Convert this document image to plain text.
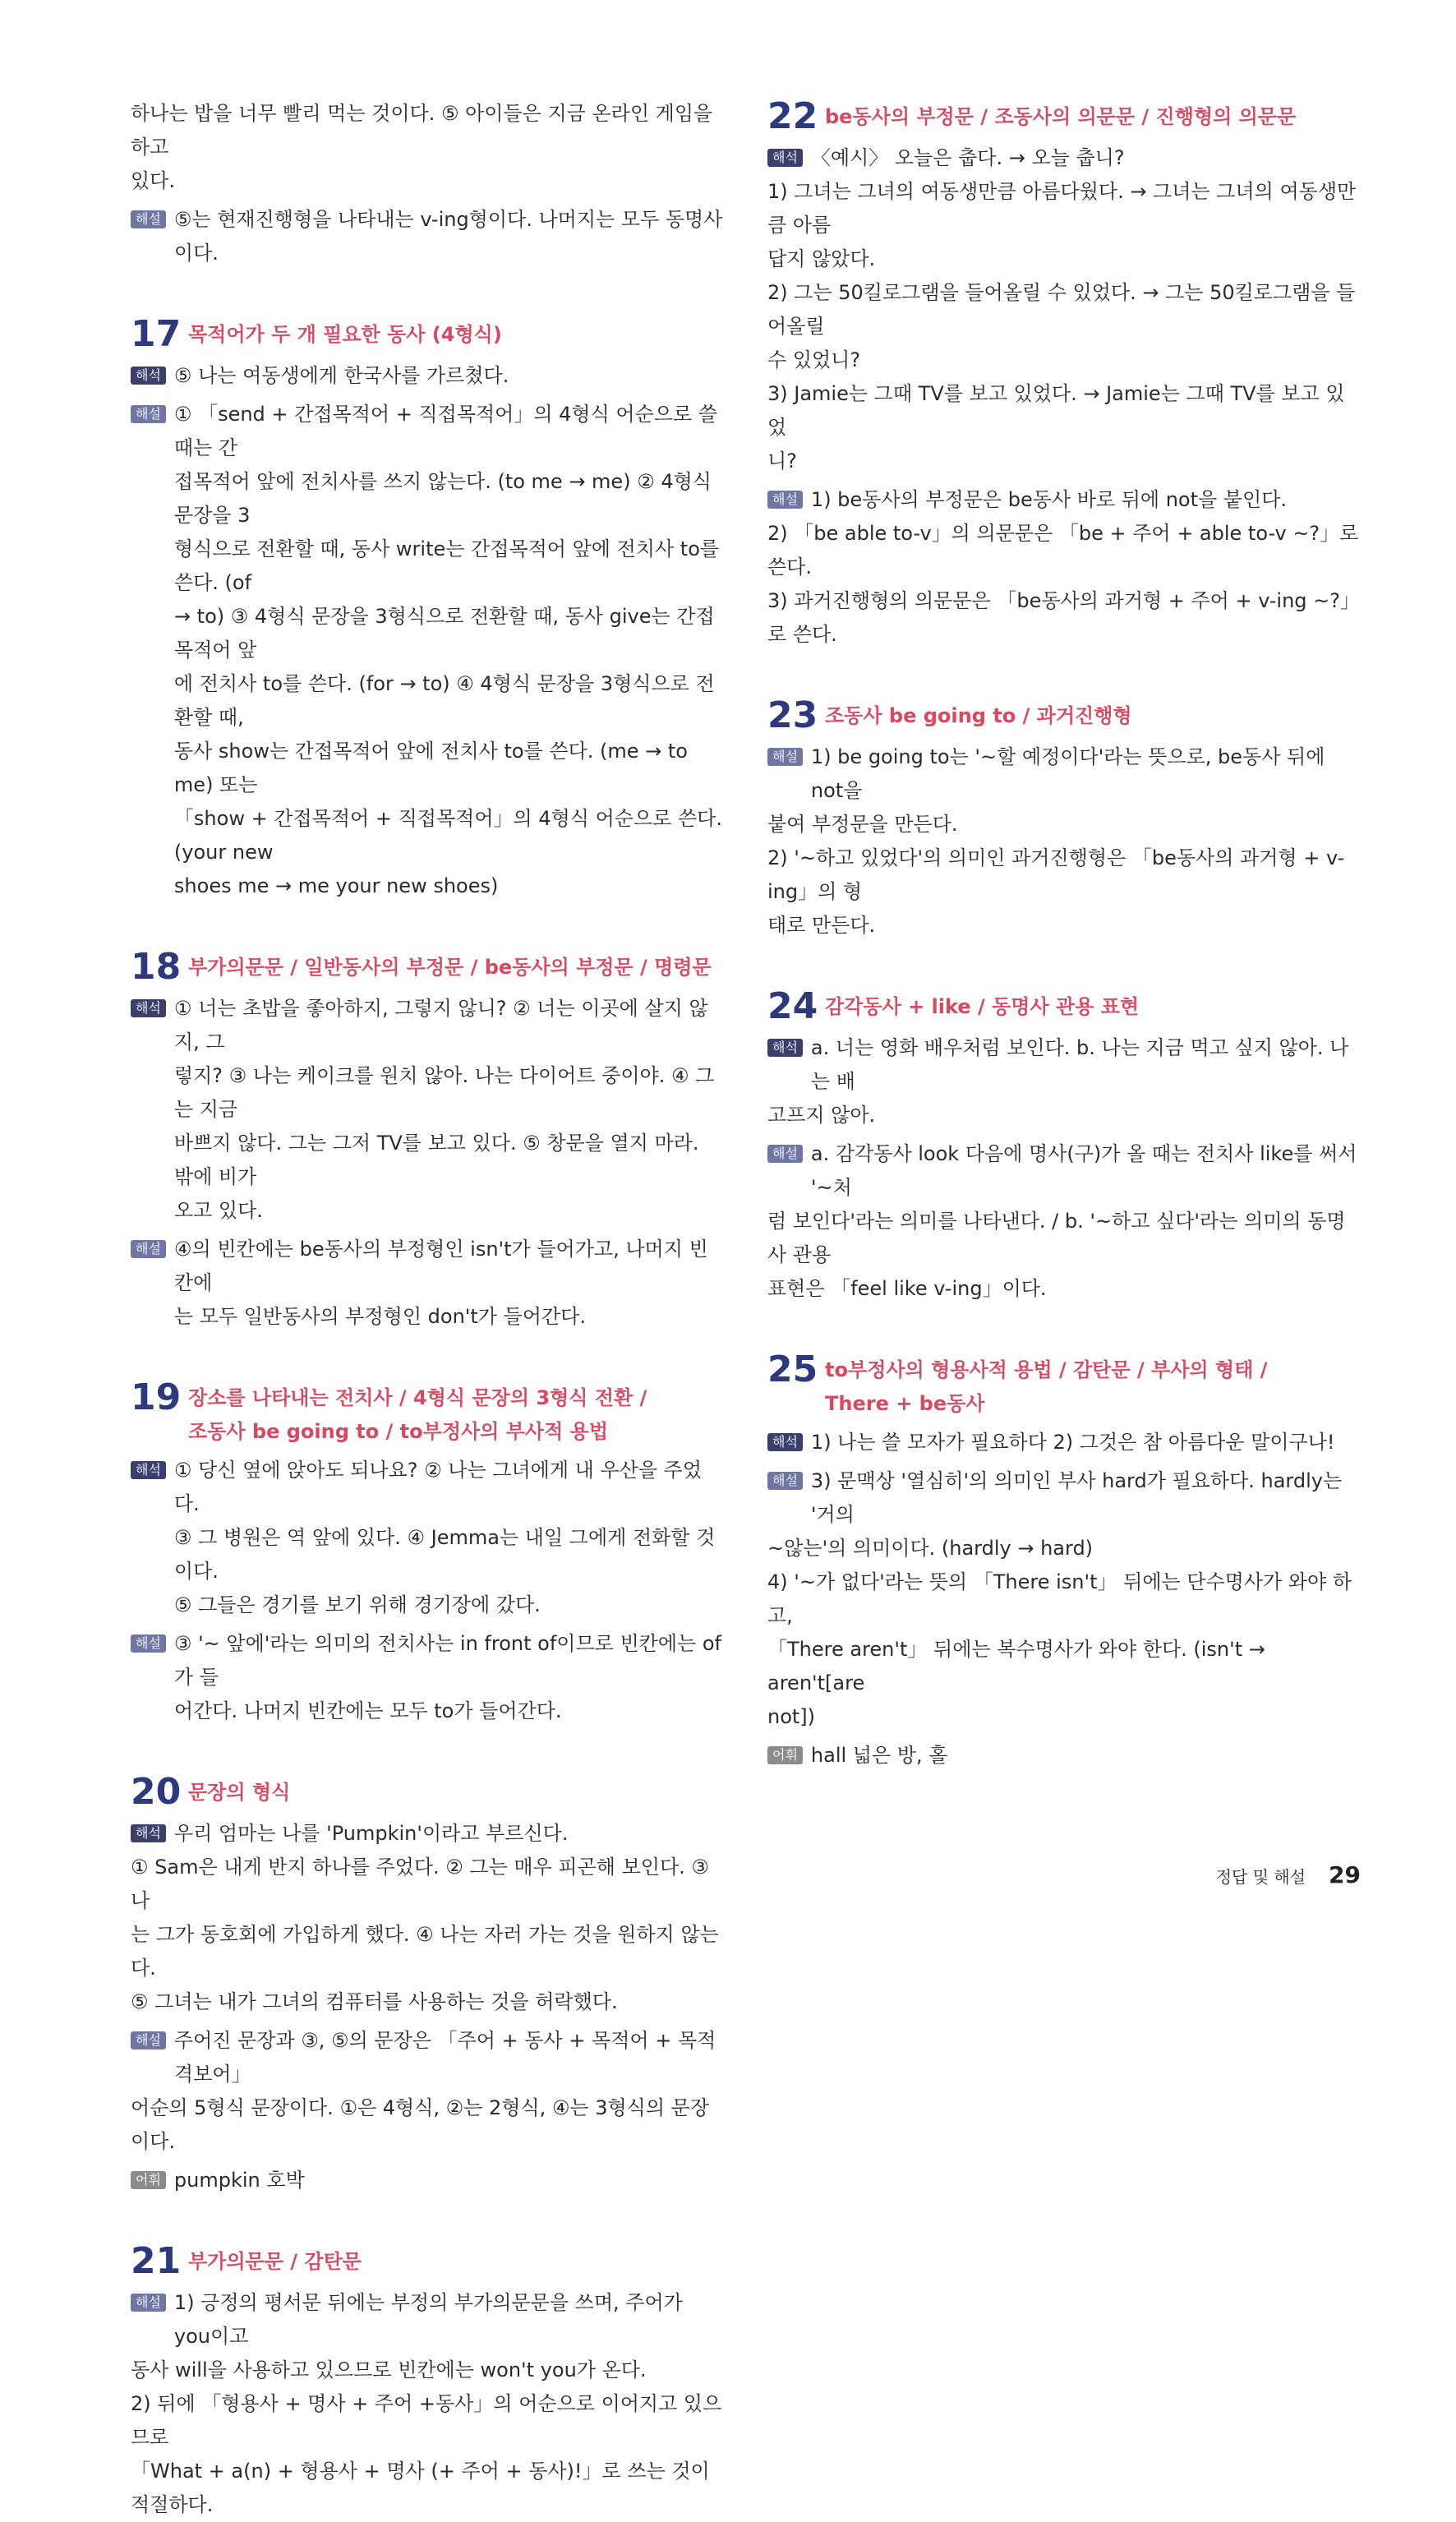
하나는 밥을 너무 빨리 먹는 것이다. ⑤ 아이들은 지금 온라인 게임을 하고

있다.

해설 ⑤는 현재진행형을 나타내는 v-ing형이다. 나머지는 모두 동명사이다.

17 목적어가 두 개 필요한 동사 (4형식)
해석 ⑤ 나는 여동생에게 한국사를 가르쳤다.

해설 ① 「send + 간접목적어 + 직접목적어」의 4형식 어순으로 쓸 때는 간

접목적어 앞에 전치사를 쓰지 않는다. (to me → me) ② 4형식 문장을 3

형식으로 전환할 때, 동사 write는 간접목적어 앞에 전치사 to를 쓴다. (of

→ to) ③ 4형식 문장을 3형식으로 전환할 때, 동사 give는 간접목적어 앞

에 전치사 to를 쓴다. (for → to) ④ 4형식 문장을 3형식으로 전환할 때,

동사 show는 간접목적어 앞에 전치사 to를 쓴다. (me → to me) 또는

「show + 간접목적어 + 직접목적어」의 4형식 어순으로 쓴다. (your new

shoes me → me your new shoes)

18 부가의문문 / 일반동사의 부정문 / be동사의 부정문 / 명령문
해석 ① 너는 초밥을 좋아하지, 그렇지 않니? ② 너는 이곳에 살지 않지, 그

렇지? ③ 나는 케이크를 원치 않아. 나는 다이어트 중이야. ④ 그는 지금

바쁘지 않다. 그는 그저 TV를 보고 있다. ⑤ 창문을 열지 마라. 밖에 비가

오고 있다.

해설 ④의 빈칸에는 be동사의 부정형인 isn't가 들어가고, 나머지 빈칸에

는 모두 일반동사의 부정형인 don't가 들어간다.

19 장소를 나타내는 전치사 / 4형식 문장의 3형식 전환 /
조동사 be going to / to부정사의 부사적 용법
해석 ① 당신 옆에 앉아도 되나요? ② 나는 그녀에게 내 우산을 주었다.

③ 그 병원은 역 앞에 있다. ④ Jemma는 내일 그에게 전화할 것이다.

⑤ 그들은 경기를 보기 위해 경기장에 갔다.

해설 ③ '~ 앞에'라는 의미의 전치사는 in front of이므로 빈칸에는 of가 들

어간다. 나머지 빈칸에는 모두 to가 들어간다.

20 문장의 형식
해석 우리 엄마는 나를 'Pumpkin'이라고 부르신다.

① Sam은 내게 반지 하나를 주었다. ② 그는 매우 피곤해 보인다. ③ 나

는 그가 동호회에 가입하게 했다. ④ 나는 자러 가는 것을 원하지 않는다.

⑤ 그녀는 내가 그녀의 컴퓨터를 사용하는 것을 허락했다.

해설 주어진 문장과 ③, ⑤의 문장은 「주어 + 동사 + 목적어 + 목적격보어」

어순의 5형식 문장이다. ①은 4형식, ②는 2형식, ④는 3형식의 문장이다.

어휘 pumpkin 호박

21 부가의문문 / 감탄문
해설 1) 긍정의 평서문 뒤에는 부정의 부가의문문을 쓰며, 주어가 you이고

동사 will을 사용하고 있으므로 빈칸에는 won't you가 온다.

2) 뒤에 「형용사 + 명사 + 주어 +동사」의 어순으로 이어지고 있으므로

「What + a(n) + 형용사 + 명사 (+ 주어 + 동사)!」로 쓰는 것이 적절하다.

22 be동사의 부정문 / 조동사의 의문문 / 진행형의 의문문
해석 〈예시〉 오늘은 춥다. → 오늘 춥니?

1) 그녀는 그녀의 여동생만큼 아름다웠다. → 그녀는 그녀의 여동생만큼 아름

답지 않았다.

2) 그는 50킬로그램을 들어올릴 수 있었다. → 그는 50킬로그램을 들어올릴

수 있었니?

3) Jamie는 그때 TV를 보고 있었다. → Jamie는 그때 TV를 보고 있었

니?

해설 1) be동사의 부정문은 be동사 바로 뒤에 not을 붙인다.

2) 「be able to-v」의 의문문은 「be + 주어 + able to-v ~?」로 쓴다.

3) 과거진행형의 의문문은 「be동사의 과거형 + 주어 + v-ing ~?」로 쓴다.

23 조동사 be going to / 과거진행형
해설 1) be going to는 '~할 예정이다'라는 뜻으로, be동사 뒤에 not을

붙여 부정문을 만든다.

2) '~하고 있었다'의 의미인 과거진행형은 「be동사의 과거형 + v-ing」의 형

태로 만든다.

24 감각동사 + like / 동명사 관용 표현
해석 a. 너는 영화 배우처럼 보인다. b. 나는 지금 먹고 싶지 않아. 나는 배

고프지 않아.

해설 a. 감각동사 look 다음에 명사(구)가 올 때는 전치사 like를 써서 '~처

럼 보인다'라는 의미를 나타낸다. / b. '~하고 싶다'라는 의미의 동명사 관용

표현은 「feel like v-ing」이다.

25 to부정사의 형용사적 용법 / 감탄문 / 부사의 형태 /
There + be동사
해석 1) 나는 쓸 모자가 필요하다 2) 그것은 참 아름다운 말이구나!

해설 3) 문맥상 '열심히'의 의미인 부사 hard가 필요하다. hardly는 '거의

~않는'의 의미이다. (hardly → hard)

4) '~가 없다'라는 뜻의 「There isn't」 뒤에는 단수명사가 와야 하고,

「There aren't」 뒤에는 복수명사가 와야 한다. (isn't → aren't[are

not])

어휘 hall 넓은 방, 홀

정답 및 해설 29
